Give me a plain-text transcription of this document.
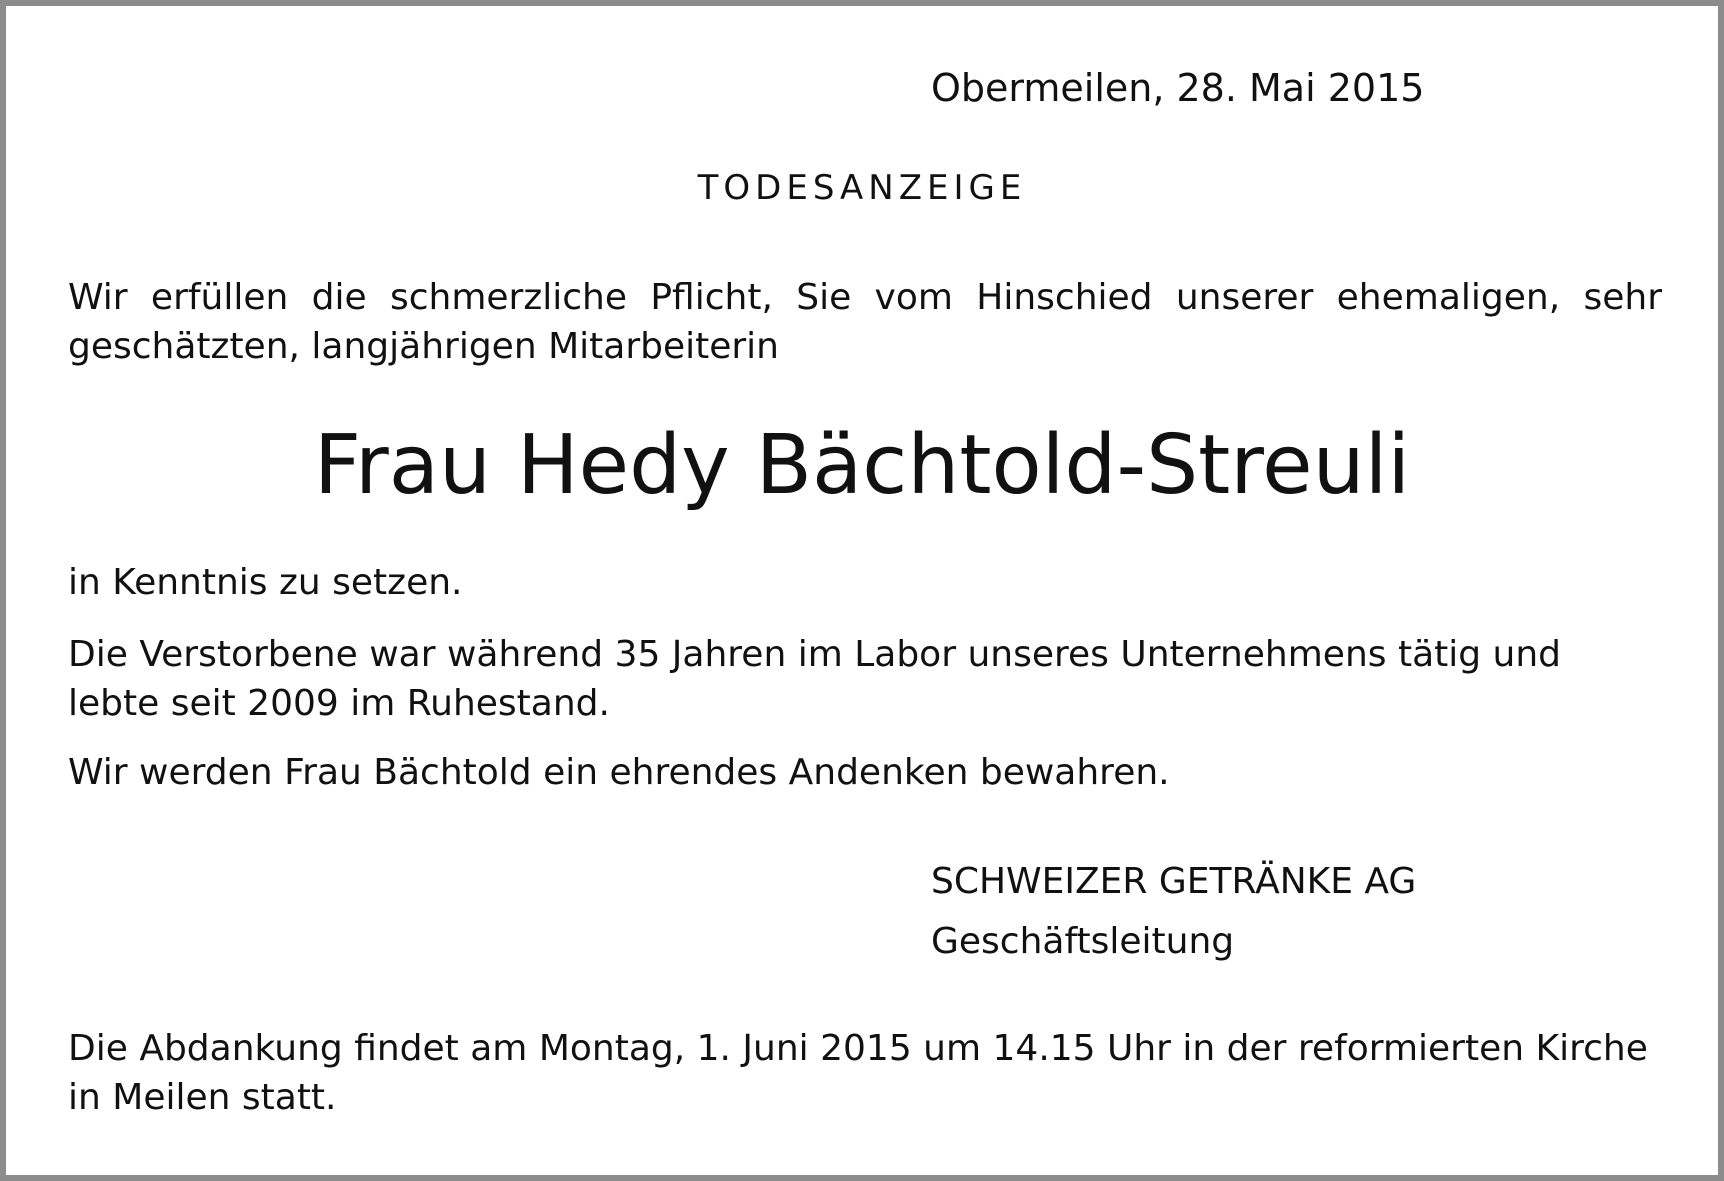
Obermeilen, 28. Mai 2015

TODESANZEIGE

Wir erfüllen die schmerzliche Pflicht, Sie vom Hinschied unserer ehemaligen, sehr geschätzten, langjährigen Mitarbeiterin

Frau Hedy Bächtold-Streuli

in Kenntnis zu setzen.

Die Verstorbene war während 35 Jahren im Labor unseres Unternehmens tätig und lebte seit 2009 im Ruhestand.

Wir werden Frau Bächtold ein ehrendes Andenken bewahren.

SCHWEIZER GETRÄNKE AG

Geschäftsleitung

Die Abdankung findet am Montag, 1. Juni 2015 um 14.15 Uhr in der reformierten Kirche in Meilen statt.
